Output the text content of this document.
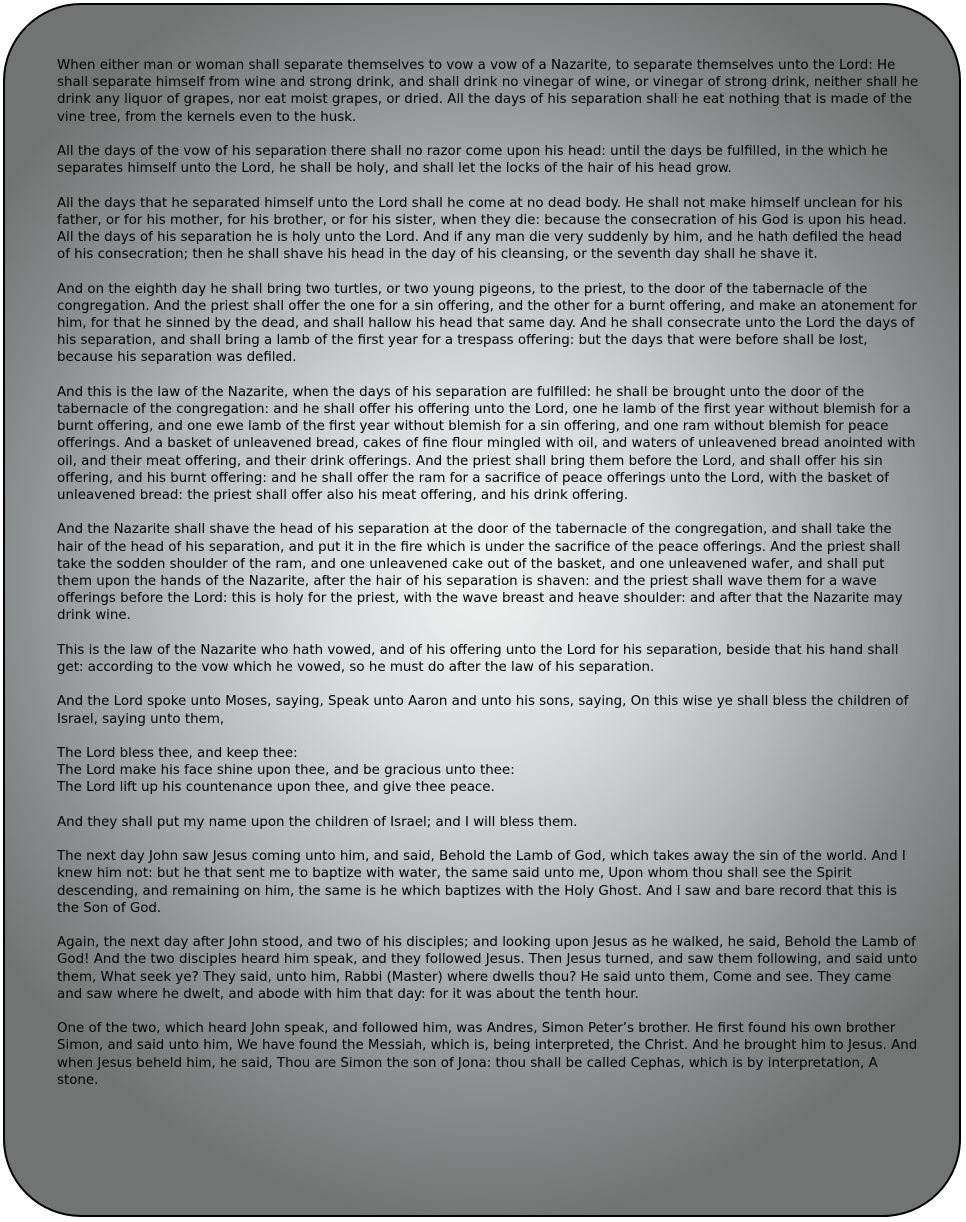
When either man or woman shall separate themselves to vow a vow of a Nazarite, to separate themselves unto the Lord: He shall separate himself from wine and strong drink, and shall drink no vinegar of wine, or vinegar of strong drink, neither shall he drink any liquor of grapes, nor eat moist grapes, or dried. All the days of his separation shall he eat nothing that is made of the vine tree, from the kernels even to the husk.

All the days of the vow of his separation there shall no razor come upon his head: until the days be fulfilled, in the which he separates himself unto the Lord, he shall be holy, and shall let the locks of the hair of his head grow.

All the days that he separated himself unto the Lord shall he come at no dead body. He shall not make himself unclean for his father, or for his mother, for his brother, or for his sister, when they die: because the consecration of his God is upon his head. All the days of his separation he is holy unto the Lord. And if any man die very suddenly by him, and he hath defiled the head of his consecration; then he shall shave his head in the day of his cleansing, or the seventh day shall he shave it.

And on the eighth day he shall bring two turtles, or two young pigeons, to the priest, to the door of the tabernacle of the congregation. And the priest shall offer the one for a sin offering, and the other for a burnt offering, and make an atonement for him, for that he sinned by the dead, and shall hallow his head that same day. And he shall consecrate unto the Lord the days of his separation, and shall bring a lamb of the first year for a trespass offering: but the days that were before shall be lost, because his separation was defiled.

And this is the law of the Nazarite, when the days of his separation are fulfilled: he shall be brought unto the door of the tabernacle of the congregation: and he shall offer his offering unto the Lord, one he lamb of the first year without blemish for a burnt offering, and one ewe lamb of the first year without blemish for a sin offering, and one ram without blemish for peace offerings. And a basket of unleavened bread, cakes of fine flour mingled with oil, and waters of unleavened bread anointed with oil, and their meat offering, and their drink offerings. And the priest shall bring them before the Lord, and shall offer his sin offering, and his burnt offering: and he shall offer the ram for a sacrifice of peace offerings unto the Lord, with the basket of unleavened bread: the priest shall offer also his meat offering, and his drink offering.

And the Nazarite shall shave the head of his separation at the door of the tabernacle of the congregation, and shall take the hair of the head of his separation, and put it in the fire which is under the sacrifice of the peace offerings. And the priest shall take the sodden shoulder of the ram, and one unleavened cake out of the basket, and one unleavened wafer, and shall put them upon the hands of the Nazarite, after the hair of his separation is shaven: and the priest shall wave them for a wave offerings before the Lord: this is holy for the priest, with the wave breast and heave shoulder: and after that the Nazarite may drink wine.

This is the law of the Nazarite who hath vowed, and of his offering unto the Lord for his separation, beside that his hand shall get: according to the vow which he vowed, so he must do after the law of his separation.

And the Lord spoke unto Moses, saying, Speak unto Aaron and unto his sons, saying, On this wise ye shall bless the children of Israel, saying unto them,

The Lord bless thee, and keep thee:
The Lord make his face shine upon thee, and be gracious unto thee:
The Lord lift up his countenance upon thee, and give thee peace.

And they shall put my name upon the children of Israel; and I will bless them.

The next day John saw Jesus coming unto him, and said, Behold the Lamb of God, which takes away the sin of the world. And I knew him not: but he that sent me to baptize with water, the same said unto me, Upon whom thou shall see the Spirit descending, and remaining on him, the same is he which baptizes with the Holy Ghost. And I saw and bare record that this is the Son of God.

Again, the next day after John stood, and two of his disciples; and looking upon Jesus as he walked, he said, Behold the Lamb of God! And the two disciples heard him speak, and they followed Jesus. Then Jesus turned, and saw them following, and said unto them, What seek ye? They said, unto him, Rabbi (Master) where dwells thou? He said unto them, Come and see. They came and saw where he dwelt, and abode with him that day: for it was about the tenth hour.

One of the two, which heard John speak, and followed him, was Andres, Simon Peter’s brother. He first found his own brother Simon, and said unto him, We have found the Messiah, which is, being interpreted, the Christ. And he brought him to Jesus. And when Jesus beheld him, he said, Thou are Simon the son of Jona: thou shall be called Cephas, which is by interpretation, A stone.
